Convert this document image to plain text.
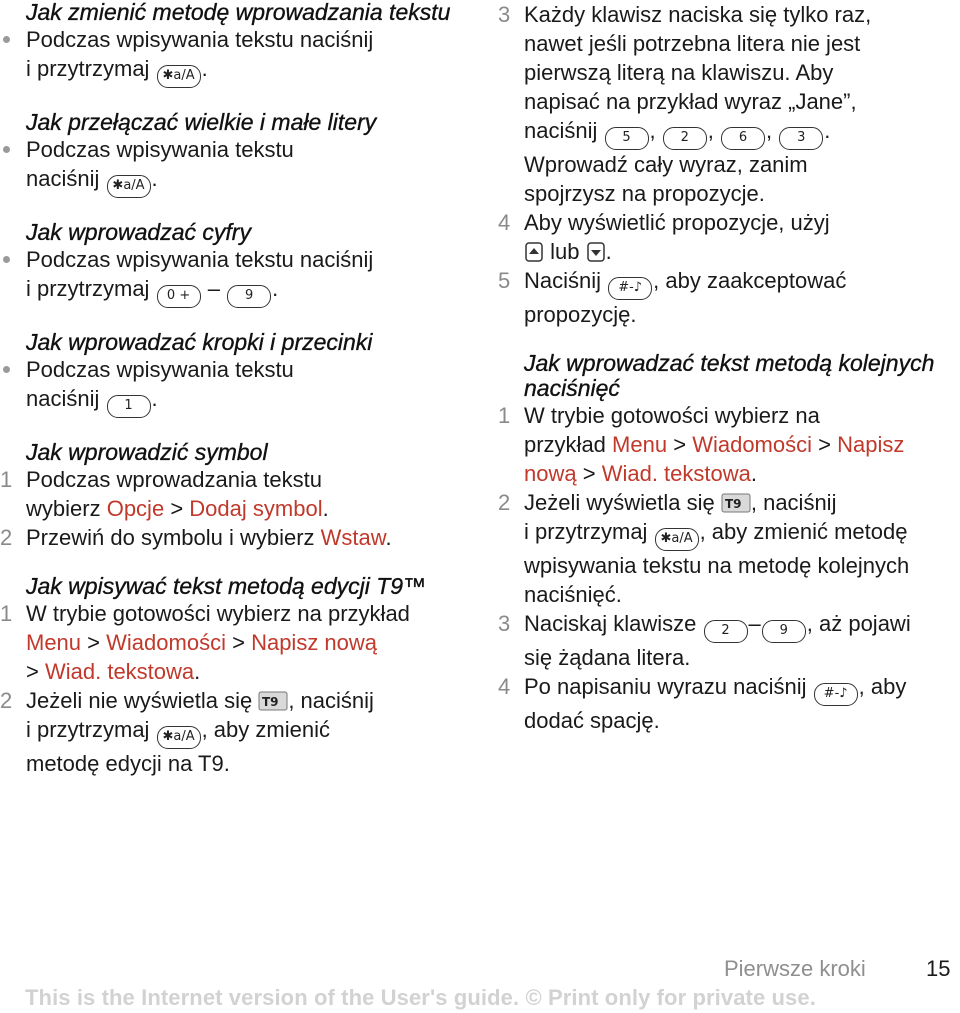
Jak zmienić metodę wprowadzania tekstu
Podczas wpisywania tekstu naciśnij
i przytrzymaj ✱a/A .
Jak przełączać wielkie i małe litery
Podczas wpisywania tekstu
naciśnij ✱a/A .
Jak wprowadzać cyfry
Podczas wpisywania tekstu naciśnij
i przytrzymaj 0 + – 9 .
Jak wprowadzać kropki i przecinki
Podczas wpisywania tekstu
naciśnij 1 .
Jak wprowadzić symbol
1 Podczas wprowadzania tekstu
wybierz Opcje > Dodaj symbol.
2 Przewiń do symbolu i wybierz Wstaw.
Jak wpisywać tekst metodą edycji T9™
1 W trybie gotowości wybierz na przykład
Menu > Wiadomości > Napisz nową
> Wiad. tekstowa.
2 Jeżeli nie wyświetla się T9 , naciśnij
i przytrzymaj ✱a/A , aby zmienić
metodę edycji na T9.
3 Każdy klawisz naciska się tylko raz,
nawet jeśli potrzebna litera nie jest
pierwszą literą na klawiszu. Aby
napisać na przykład wyraz „Jane”,
naciśnij 5 , 2 , 6 , 3 .
Wprowadź cały wyraz, zanim
spojrzysz na propozycje.
4 Aby wyświetlić propozycje, użyj
lub .
5 Naciśnij #-♪ , aby zaakceptować
propozycję.
Jak wprowadzać tekst metodą kolejnych naciśnięć
1 W trybie gotowości wybierz na
przykład Menu > Wiadomości > Napisz nową > Wiad. tekstowa.
2 Jeżeli wyświetla się T9 , naciśnij
i przytrzymaj ✱a/A , aby zmienić metodę
wpisywania tekstu na metodę kolejnych
naciśnięć.
3 Naciskaj klawisze 2 – 9 , aż pojawi
się żądana litera.
4 Po napisaniu wyrazu naciśnij #-♪ , aby
dodać spację.
Pierwsze kroki	15
This is the Internet version of the User's guide. © Print only for private use.
